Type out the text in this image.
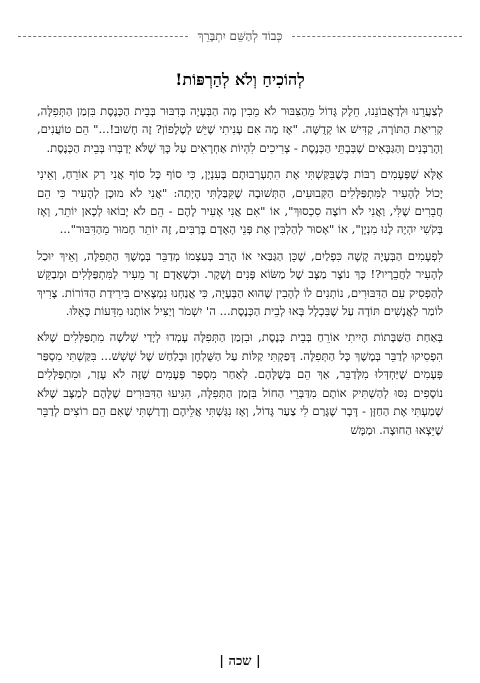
כְּבוֹד לְהַשֵּׁם יִתְבָּרֵךְ
לְהוֹכִיחַ וְלֹא לְהַרְפּוֹת!

לְצַעֲרֵנוּ וּלְדַאֲבוֹנֵנוּ, חֵלֶק גָּדוֹל מֵהַצִּבּוּר לֹא מֵבִין מָה הַבְּעָיָה בְּדִבּוּר בְּבֵית הַכְּנֶסֶת בִּזְמַן הַתְּפִלָּה, קְרִיאַת הַתּוֹרָה, קַדִּישׁ אוֹ קְדֻשָּׁה. "אָז מָה אִם עָנִיתִי שֶׁיֵּשׁ לְטֶלֶפוֹן? זֶה חָשׁוּב!..." הֵם טוֹעֲנִים, וְהָרַבָּנִים וְהַגַּבָּאִים שֶׁבְּבָתֵּי הַכְּנֶסֶת - צְרִיכִים לִהְיוֹת אַחְרָאִים עַל כָּךְ שֶׁלֹּא יְדַבְּרוּ בְּבֵית הַכְּנֶסֶת.

אֶלָּא שֶׁפְּעָמִים רַבּוֹת כְּשֶׁבִּקַּשְׁתִּי אֶת הִתְעָרְבוּתָם בָּעִנְיָן, כִּי סוֹף כָּל סוֹף אֲנִי רַק אוֹרֵחַ, וְאֵינִי יָכוֹל לְהָעִיר לַמִּתְפַּלְּלִים הַקְּבוּעִים, הַתְּשׁוּבָה שֶׁקִּבַּלְתִּי הָיְתָה: "אֲנִי לֹא מוּכָן לְהָעִיר כִּי הֵם חֲבֵרִים שֶׁלִּי, וַאֲנִי לֹא רוֹצֶה סִכְסוּךְ", אוֹ "אִם אֲנִי אָעִיר לָהֶם - הֵם לֹא יָבוֹאוּ לְכָאן יוֹתֵר, וְאָז בְּקֹשִׁי יִהְיֶה לָנוּ מִנְיָן", אוֹ "אָסוּר לְהַלְבִּין אֶת פְּנֵי הָאָדָם בָּרַבִּים, זֶה יוֹתֵר חָמוּר מֵהַדִּבּוּר"...

לִפְעָמִים הַבְּעָיָה קָשָׁה כִּפְלַיִם, שֶׁכֵּן הַגַּבַּאי אוֹ הָרַב בְּעַצְמוֹ מְדַבֵּר בְּמֶשֶׁךְ הַתְּפִלָּה, וְאֵיךְ יוּכַל לְהָעִיר לַחֲבֵרָיו?! כָּךְ נוֹצָר מַצָּב שֶׁל מַשּׂוֹא פָּנִים וְשֶׁקֶר. וּכְשֶׁאָדָם זָר מֵעִיר לַמִּתְפַּלְּלִים וּמְבַקֵּשׁ לְהַפְסִיק עִם הַדִּבּוּרִים, נוֹתְנִים לוֹ לְהָבִין שֶׁהוּא הַבְּעָיָה, כִּי אֲנַחְנוּ נִמְצָאִים בִּירִידַת הַדּוֹרוֹת. צָרִיךְ לוֹמַר לַאֲנָשִׁים תּוֹדָה עַל שֶׁבִּכְלָל בָּאוּ לְבֵית הַכְּנֶסֶת... ה' יִשְׁמֹר וְיַצִּיל אוֹתָנוּ מִדֵּעוֹת כָּאֵלּוּ.

בְּאַחַת הַשַּׁבָּתוֹת הָיִיתִי אוֹרֵחַ בְּבֵית כְּנֶסֶת, וּבִזְמַן הַתְּפִלָּה עָמְדוּ לְיָדַי שְׁלֹשָׁה מִתְפַּלְּלִים שֶׁלֹּא הִפְסִיקוּ לְדַבֵּר בְּמֶשֶׁךְ כָּל הַתְּפִלָּה. דָּפַקְתִּי קַלּוֹת עַל הַשֻּׁלְחָן וּבְלַחַשׁ שֶׁל שְׁשְׁשׁ... בִּקַּשְׁתִּי מִסְפַּר פְּעָמִים שֶׁיַּחְדְּלוּ מִלְּדַבֵּר, אַךְ הֵם בְּשֶׁלָּהֶם. לְאַחַר מִסְפַּר פְּעָמִים שֶׁזֶּה לֹא עָזַר, וּמִתְפַּלְּלִים נוֹסָפִים נִסּוּ לְהַשְׁתִּיק אוֹתָם מִדַּבְּרֵי הַחוֹל בִּזְמַן הַתְּפִלָּה, הִגִּיעוּ הַדִּבּוּרִים שֶׁלָּהֶם לְמַצָּב שֶׁלֹּא שָׁמַעְתִּי אֶת הַחַזָּן - דָּבָר שֶׁגָּרַם לִי צַעַר גָּדוֹל, וְאָז נִגַּשְׁתִּי אֲלֵיהֶם וְדָרַשְׁתִּי שֶׁאִם הֵם רוֹצִים לְדַבֵּר שֶׁיֵּצְאוּ הַחוּצָה. וּמַמָּשׁ

| שכה |
